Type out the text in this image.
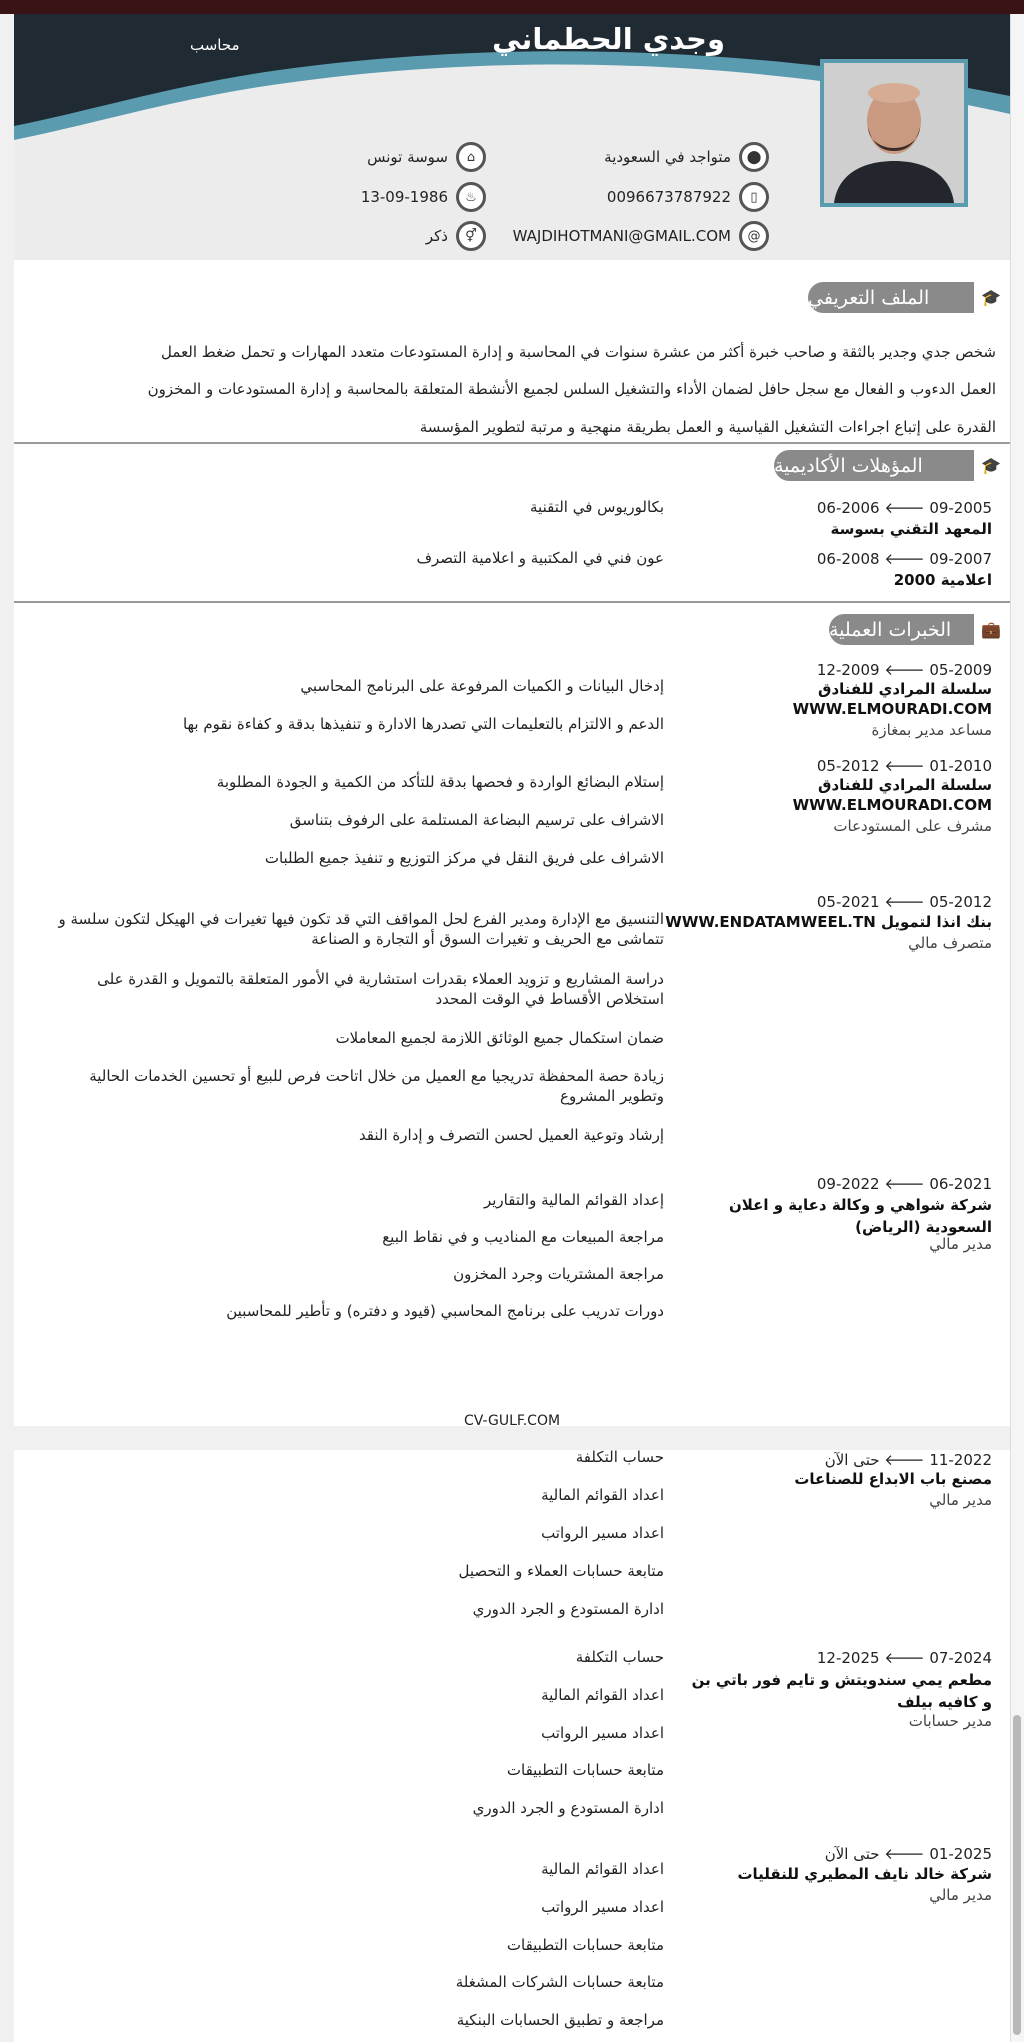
وجدي الحطماني
محاسب
⬤
متواجد في السعودية
⌂
سوسة تونس
▯
0096673787922
♨
13-09-1986
@
WAJDIHOTMANI@GMAIL.COM
⚥
ذكر
🎓
الملف التعريفي
شخص جدي وجدير بالثقة و صاحب خبرة أكثر من عشرة سنوات في المحاسبة و إدارة المستودعات متعدد المهارات و تحمل ضغط العمل
العمل الدءوب و الفعال مع سجل حافل لضمان الأداء والتشغيل السلس لجميع الأنشطة المتعلقة بالمحاسبة و إدارة المستودعات و المخزون
القدرة على إتباع اجراءات التشغيل القياسية و العمل بطريقة منهجية و مرتبة لتطوير المؤسسة
🎓
المؤهلات الأكاديمية
09-2005 🡐 06-2006
المعهد التقني بسوسة
بكالوريوس في التقنية
09-2007 🡐 06-2008
اعلامية 2000
عون فني في المكتبية و اعلامية التصرف
💼
الخبرات العملية
05-2009 🡐 12-2009
سلسلة المرادي للفنادق
WWW.ELMOURADI.COM
مساعد مدير بمغازة
إدخال البيانات و الكميات المرفوعة على البرنامج المحاسبي
الدعم و الالتزام بالتعليمات التي تصدرها الادارة و تنفيذها بدقة و كفاءة نقوم بها
01-2010 🡐 05-2012
سلسلة المرادي للفنادق
WWW.ELMOURADI.COM
مشرف على المستودعات
إستلام البضائع الواردة و فحصها بدقة للتأكد من الكمية و الجودة المطلوبة
الاشراف على ترسيم البضاعة المستلمة على الرفوف بتناسق
الاشراف على فريق النقل في مركز التوزيع و تنفيذ جميع الطلبات
05-2012 🡐 05-2021
بنك انذا لتمويل WWW.ENDATAMWEEL.TN
متصرف مالي
التنسيق مع الإدارة ومدير الفرع لحل المواقف التي قد تكون فيها تغيرات في الهيكل لتكون سلسة و تتماشى مع الحريف و تغيرات السوق أو التجارة و الصناعة
دراسة المشاريع و تزويد العملاء بقدرات استشارية في الأمور المتعلقة بالتمويل و القدرة على استخلاص الأقساط في الوقت المحدد
ضمان استكمال جميع الوثائق اللازمة لجميع المعاملات
زيادة حصة المحفظة تدريجيا مع العميل من خلال اتاحت فرص للبيع أو تحسين الخدمات الحالية وتطوير المشروع
إرشاد وتوعية العميل لحسن التصرف و إدارة النقد
06-2021 🡐 09-2022
شركة شواهي و وكالة دعاية و اعلان السعودية (الرياض)
مدير مالي
إعداد القوائم المالية والتقارير
مراجعة المبيعات مع المناديب و في نقاط البيع
مراجعة المشتريات وجرد المخزون
دورات تدريب على برنامج المحاسبي (قيود و دفتره) و تأطير للمحاسبين
CV-GULF.COM
11-2022 🡐 حتى الآن
مصنع باب الابداع للصناعات
مدير مالي
حساب التكلفة
اعداد القوائم المالية
اعداد مسير الرواتب
متابعة حسابات العملاء و التحصيل
ادارة المستودع و الجرد الدوري
07-2024 🡐 12-2025
مطعم يمي سندويتش و تايم فور باتي بن و كافيه بيلف
مدير حسابات
حساب التكلفة
اعداد القوائم المالية
اعداد مسير الرواتب
متابعة حسابات التطبيقات
ادارة المستودع و الجرد الدوري
01-2025 🡐 حتى الآن
شركة خالد نايف المطيري للنقليات
مدير مالي
اعداد القوائم المالية
اعداد مسير الرواتب
متابعة حسابات التطبيقات
متابعة حسابات الشركات المشغلة
مراجعة و تطبيق الحسابات البنكية
